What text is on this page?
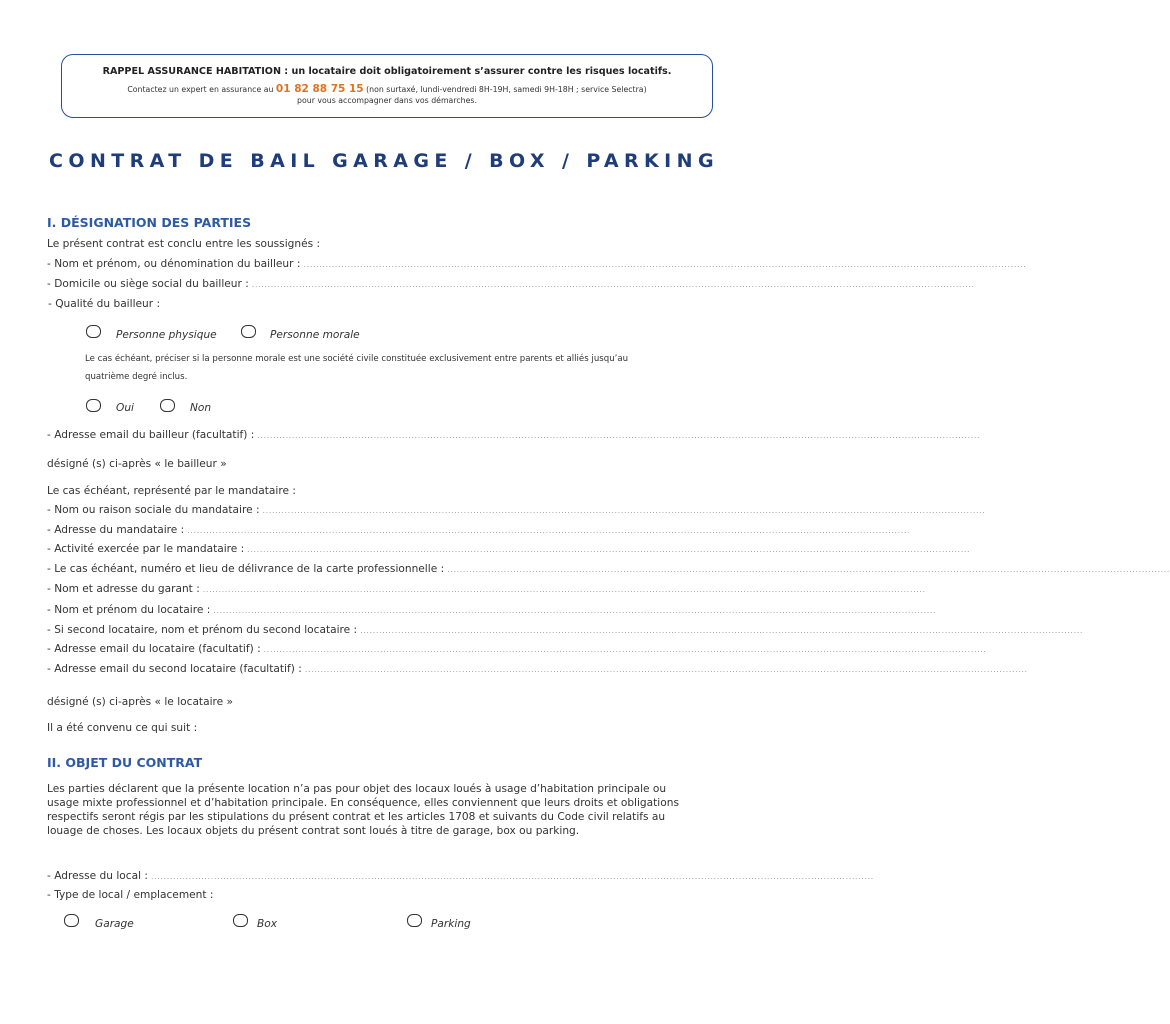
RAPPEL ASSURANCE HABITATION : un locataire doit obligatoirement s’assurer contre les risques locatifs.
Contactez un expert en assurance au 01 82 88 75 15 (non surtaxé, lundi-vendredi 8H-19H, samedi 9H-18H ; service Selectra)
pour vous accompagner dans vos démarches.
CONTRAT DE BAIL GARAGE / BOX / PARKING
I. DÉSIGNATION DES PARTIES
Le présent contrat est conclu entre les soussignés :
- Nom et prénom, ou dénomination du bailleur : ......................................................................................................................................................................................................................................
- Domicile ou siège social du bailleur : ......................................................................................................................................................................................................................................
- Qualité du bailleur :
Personne physique	Personne morale
Le cas échéant, préciser si la personne morale est une société civile constituée exclusivement entre parents et alliés jusqu’au
quatrième degré inclus.
Oui	Non
- Adresse email du bailleur (facultatif) : ......................................................................................................................................................................................................................................
désigné (s) ci-après « le bailleur »
Le cas échéant, représenté par le mandataire :
- Nom ou raison sociale du mandataire : ......................................................................................................................................................................................................................................
- Adresse du mandataire : ......................................................................................................................................................................................................................................
- Activité exercée par le mandataire : ......................................................................................................................................................................................................................................
- Le cas échéant, numéro et lieu de délivrance de la carte professionnelle : ......................................................................................................................................................................................................................................
- Nom et adresse du garant : ......................................................................................................................................................................................................................................
- Nom et prénom du locataire : ......................................................................................................................................................................................................................................
- Si second locataire, nom et prénom du second locataire : ......................................................................................................................................................................................................................................
- Adresse email du locataire (facultatif) : ......................................................................................................................................................................................................................................
- Adresse email du second locataire (facultatif) : ......................................................................................................................................................................................................................................
désigné (s) ci-après « le locataire »
Il a été convenu ce qui suit :
II. OBJET DU CONTRAT
Les parties déclarent que la présente location n’a pas pour objet des locaux loués à usage d’habitation principale ou
usage mixte professionnel et d’habitation principale. En conséquence, elles conviennent que leurs droits et obligations
respectifs seront régis par les stipulations du présent contrat et les articles 1708 et suivants du Code civil relatifs au
louage de choses. Les locaux objets du présent contrat sont loués à titre de garage, box ou parking.
- Adresse du local : ......................................................................................................................................................................................................................................
- Type de local / emplacement :
Garage	Box	Parking
